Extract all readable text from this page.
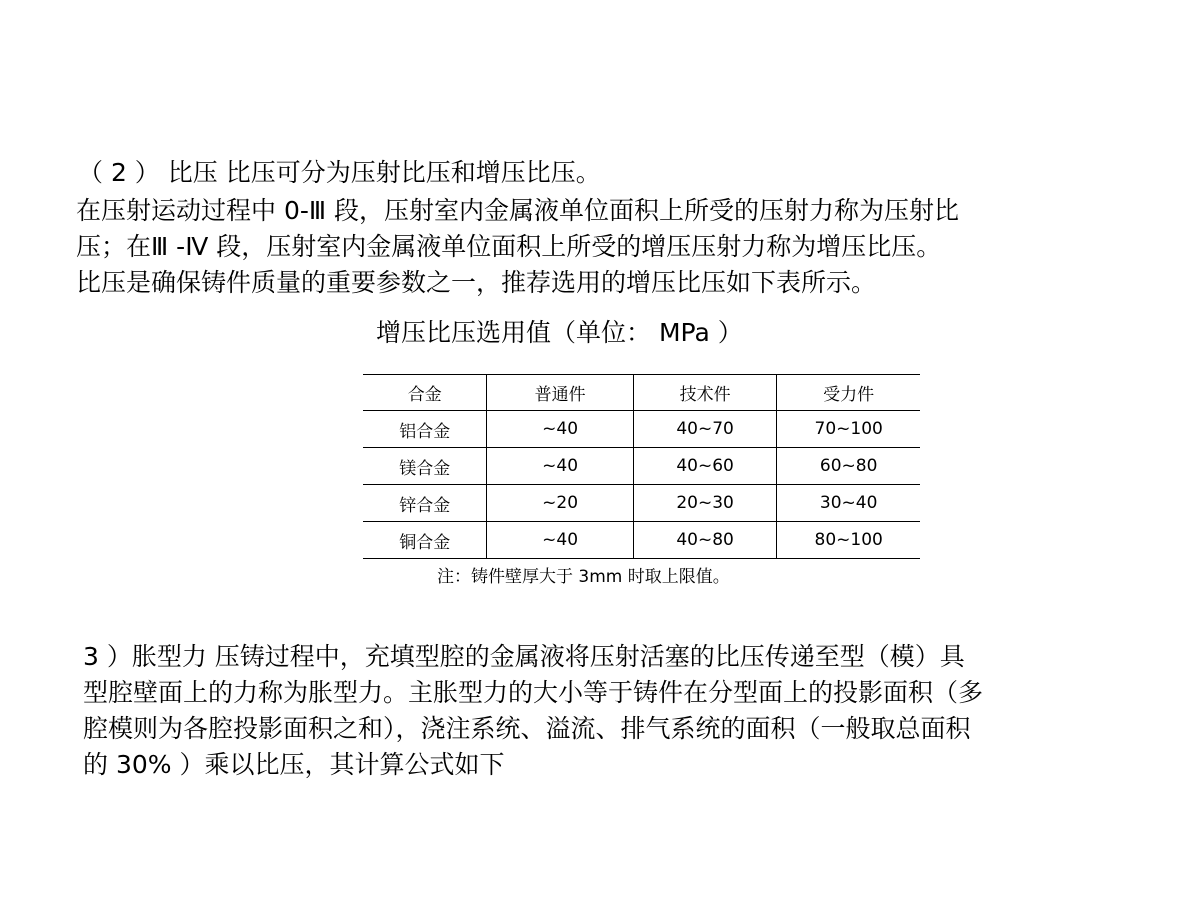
（ 2 ） 比压 比压可分为压射比压和增压比压。

在压射运动过程中 0-Ⅲ 段，压射室内金属液单位面积上所受的压射力称为压射比
压；在Ⅲ -Ⅳ 段，压射室内金属液单位面积上所受的增压压射力称为增压比压。
比压是确保铸件质量的重要参数之一，推荐选用的增压比压如下表所示。
增压比压选用值（单位： MPa ）
合金	普通件	技术件	受力件
铝合金	~40	40~70	70~100
镁合金	~40	40~60	60~80
锌合金	~20	20~30	30~40
铜合金	~40	40~80	80~100
注：铸件壁厚大于 3mm 时取上限值。
3 ）胀型力 压铸过程中，充填型腔的金属液将压射活塞的比压传递至型（模）具
型腔壁面上的力称为胀型力。主胀型力的大小等于铸件在分型面上的投影面积（多
腔模则为各腔投影面积之和），浇注系统、溢流、排气系统的面积（一般取总面积
的 30% ）乘以比压，其计算公式如下
